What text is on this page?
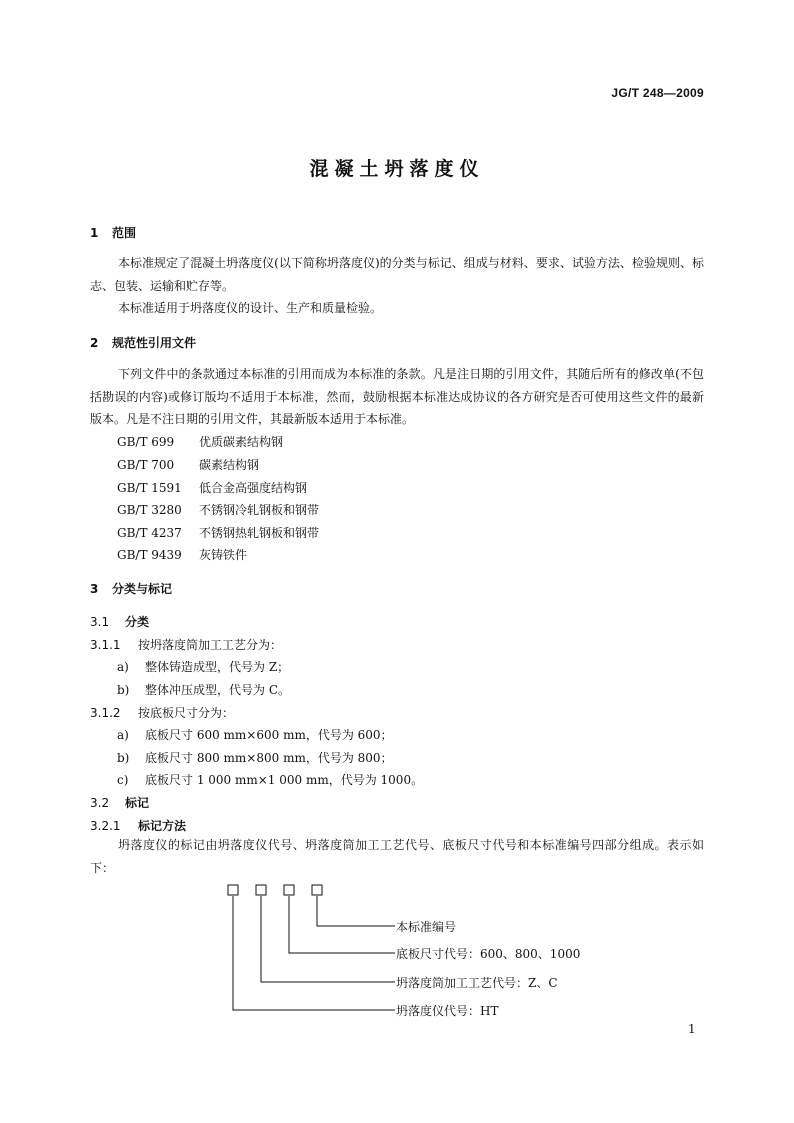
JG/T 248—2009
混凝土坍落度仪
1 范围
本标准规定了混凝土坍落度仪(以下简称坍落度仪)的分类与标记、组成与材料、要求、试验方法、检验规则、标志、包装、运输和贮存等。
本标准适用于坍落度仪的设计、生产和质量检验。
2 规范性引用文件
下列文件中的条款通过本标准的引用而成为本标准的条款。凡是注日期的引用文件，其随后所有的修改单(不包括勘误的内容)或修订版均不适用于本标准，然而，鼓励根据本标准达成协议的各方研究是否可使用这些文件的最新版本。凡是不注日期的引用文件，其最新版本适用于本标准。
GB/T 699 优质碳素结构钢
GB/T 700 碳素结构钢
GB/T 1591 低合金高强度结构钢
GB/T 3280 不锈钢冷轧钢板和钢带
GB/T 4237 不锈钢热轧钢板和钢带
GB/T 9439 灰铸铁件
3 分类与标记
3.1 分类
3.1.1 按坍落度筒加工工艺分为：
a) 整体铸造成型，代号为 Z；
b) 整体冲压成型，代号为 C。
3.1.2 按底板尺寸分为：
a) 底板尺寸 600 mm×600 mm，代号为 600；
b) 底板尺寸 800 mm×800 mm，代号为 800；
c) 底板尺寸 1 000 mm×1 000 mm，代号为 1000。
3.2 标记
3.2.1 标记方法
坍落度仪的标记由坍落度仪代号、坍落度筒加工工艺代号、底板尺寸代号和本标准编号四部分组成。表示如下：
本标准编号
底板尺寸代号：600、800、1000
坍落度筒加工工艺代号：Z、C
坍落度仪代号：HT
1
